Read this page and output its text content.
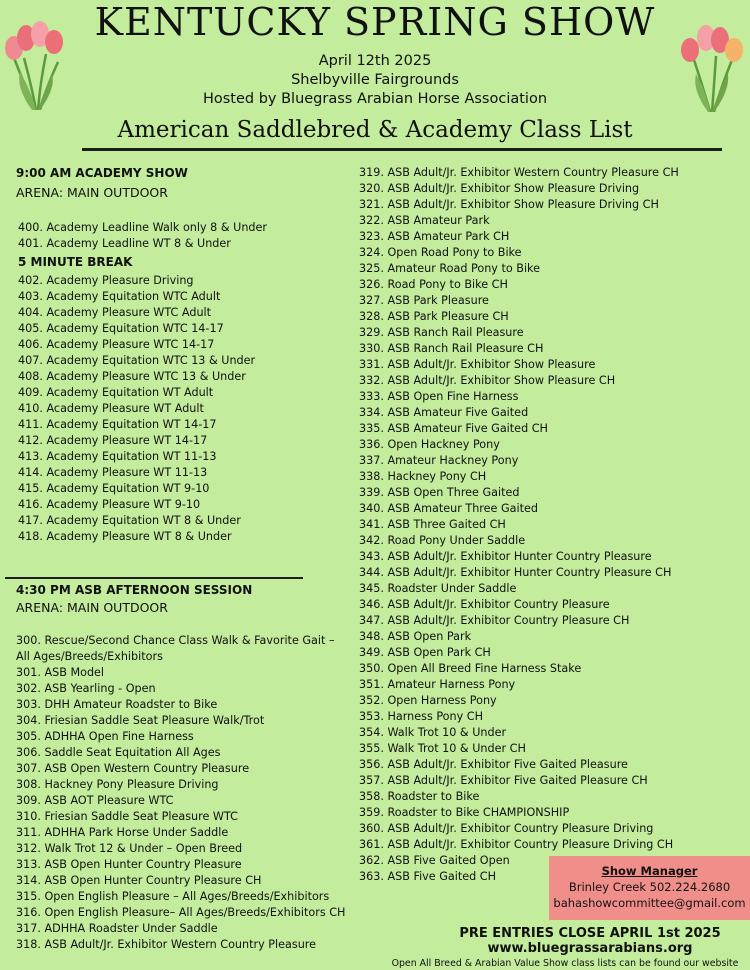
KENTUCKY SPRING SHOW
April 12th 2025
Shelbyville Fairgrounds
Hosted by Bluegrass Arabian Horse Association
American Saddlebred & Academy Class List
9:00 AM ACADEMY SHOW
ARENA: MAIN OUTDOOR
400. Academy Leadline Walk only 8 & Under
401. Academy Leadline WT 8 & Under
5 MINUTE BREAK
402. Academy Pleasure Driving
403. Academy Equitation WTC Adult
404. Academy Pleasure WTC Adult
405. Academy Equitation WTC 14-17
406. Academy Pleasure WTC 14-17
407. Academy Equitation WTC 13 & Under
408. Academy Pleasure WTC 13 & Under
409. Academy Equitation WT Adult
410. Academy Pleasure WT Adult
411. Academy Equitation WT 14-17
412. Academy Pleasure WT 14-17
413. Academy Equitation WT 11-13
414. Academy Pleasure WT 11-13
415. Academy Equitation WT 9-10
416. Academy Pleasure WT 9-10
417. Academy Equitation WT 8 & Under
418. Academy Pleasure WT 8 & Under
4:30 PM ASB AFTERNOON SESSION
ARENA: MAIN OUTDOOR
300. Rescue/Second Chance Class Walk & Favorite Gait –
All Ages/Breeds/Exhibitors
301. ASB Model
302. ASB Yearling - Open
303. DHH Amateur Roadster to Bike
304. Friesian Saddle Seat Pleasure Walk/Trot
305. ADHHA Open Fine Harness
306. Saddle Seat Equitation All Ages
307. ASB Open Western Country Pleasure
308. Hackney Pony Pleasure Driving
309. ASB AOT Pleasure WTC
310. Friesian Saddle Seat Pleasure WTC
311. ADHHA Park Horse Under Saddle
312. Walk Trot 12 & Under – Open Breed
313. ASB Open Hunter Country Pleasure
314. ASB Open Hunter Country Pleasure CH
315. Open English Pleasure – All Ages/Breeds/Exhibitors
316. Open English Pleasure– All Ages/Breeds/Exhibitors CH
317. ADHHA Roadster Under Saddle
318. ASB Adult/Jr. Exhibitor Western Country Pleasure
319. ASB Adult/Jr. Exhibitor Western Country Pleasure CH
320. ASB Adult/Jr. Exhibitor Show Pleasure Driving
321. ASB Adult/Jr. Exhibitor Show Pleasure Driving CH
322. ASB Amateur Park
323. ASB Amateur Park CH
324. Open Road Pony to Bike
325. Amateur Road Pony to Bike
326. Road Pony to Bike CH
327. ASB Park Pleasure
328. ASB Park Pleasure CH
329. ASB Ranch Rail Pleasure
330. ASB Ranch Rail Pleasure CH
331. ASB Adult/Jr. Exhibitor Show Pleasure
332. ASB Adult/Jr. Exhibitor Show Pleasure CH
333. ASB Open Fine Harness
334. ASB Amateur Five Gaited
335. ASB Amateur Five Gaited CH
336. Open Hackney Pony
337. Amateur Hackney Pony
338. Hackney Pony CH
339. ASB Open Three Gaited
340. ASB Amateur Three Gaited
341. ASB Three Gaited CH
342. Road Pony Under Saddle
343. ASB Adult/Jr. Exhibitor Hunter Country Pleasure
344. ASB Adult/Jr. Exhibitor Hunter Country Pleasure CH
345. Roadster Under Saddle
346. ASB Adult/Jr. Exhibitor Country Pleasure
347. ASB Adult/Jr. Exhibitor Country Pleasure CH
348. ASB Open Park
349. ASB Open Park CH
350. Open All Breed Fine Harness Stake
351. Amateur Harness Pony
352. Open Harness Pony
353. Harness Pony CH
354. Walk Trot 10 & Under
355. Walk Trot 10 & Under CH
356. ASB Adult/Jr. Exhibitor Five Gaited Pleasure
357. ASB Adult/Jr. Exhibitor Five Gaited Pleasure CH
358. Roadster to Bike
359. Roadster to Bike CHAMPIONSHIP
360. ASB Adult/Jr. Exhibitor Country Pleasure Driving
361. ASB Adult/Jr. Exhibitor Country Pleasure Driving CH
362. ASB Five Gaited Open
363. ASB Five Gaited CH	Show Manager
Brinley Creek 502.224.2680
bahashowcommittee@gmail.com
PRE ENTRIES CLOSE APRIL 1st 2025
www.bluegrassarabians.org
Open All Breed & Arabian Value Show class lists can be found our website
